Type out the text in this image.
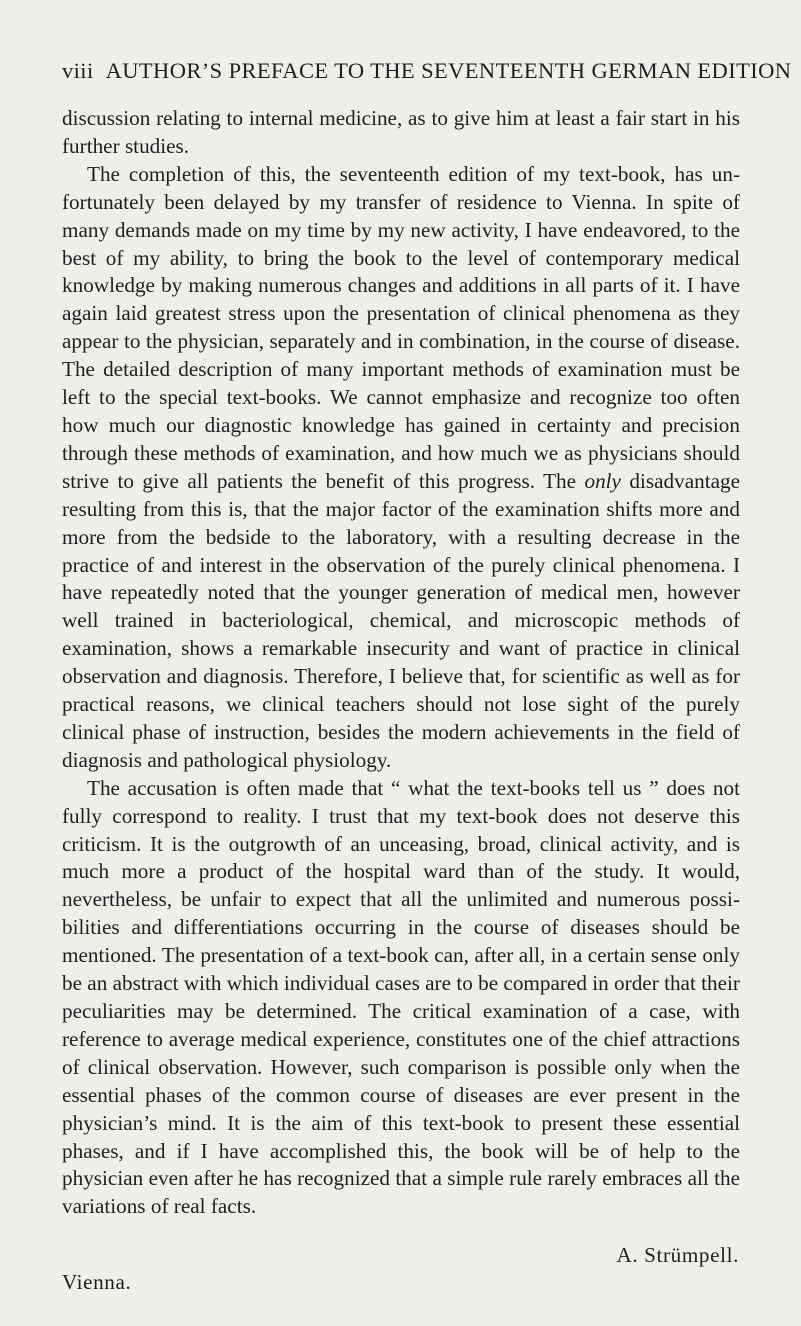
viii AUTHOR’S PREFACE TO THE SEVENTEENTH GERMAN EDITION

discussion relating to internal medicine, as to give him at least a fair start in his further studies.

The completion of this, the seventeenth edition of my text-book, has unfortunately been delayed by my transfer of residence to Vienna. In spite of many demands made on my time by my new activity, I have endeavored, to the best of my ability, to bring the book to the level of contemporary medical knowledge by making numerous changes and additions in all parts of it. I have again laid greatest stress upon the presentation of clinical phenomena as they appear to the physician, separately and in combination, in the course of disease. The detailed description of many important methods of examination must be left to the special text-books. We cannot emphasize and recognize too often how much our diagnostic knowledge has gained in certainty and precision through these methods of examination, and how much we as physicians should strive to give all patients the benefit of this progress. The only disadvantage resulting from this is, that the major factor of the examination shifts more and more from the bedside to the laboratory, with a resulting decrease in the practice of and interest in the observation of the purely clinical phenomena. I have repeatedly noted that the younger generation of medical men, however well trained in bacteriological, chemical, and microscopic methods of examination, shows a remarkable insecurity and want of practice in clinical observation and diagnosis. Therefore, I believe that, for scientific as well as for practical reasons, we clinical teachers should not lose sight of the purely clinical phase of instruction, besides the modern achievements in the field of diagnosis and pathological physiology.

The accusation is often made that “ what the text-books tell us ” does not fully correspond to reality. I trust that my text-book does not deserve this criticism. It is the outgrowth of an unceasing, broad, clinical activity, and is much more a product of the hospital ward than of the study. It would, nevertheless, be unfair to expect that all the unlimited and numerous possibilities and differentiations occurring in the course of diseases should be mentioned. The presentation of a text-book can, after all, in a certain sense only be an abstract with which individual cases are to be compared in order that their peculiarities may be determined. The critical examination of a case, with reference to average medical experience, constitutes one of the chief attractions of clinical observation. However, such comparison is possible only when the essential phases of the common course of diseases are ever present in the physician’s mind. It is the aim of this text-book to present these essential phases, and if I have accomplished this, the book will be of help to the physician even after he has recognized that a simple rule rarely embraces all the variations of real facts.

A. Strümpell.
Vienna.
